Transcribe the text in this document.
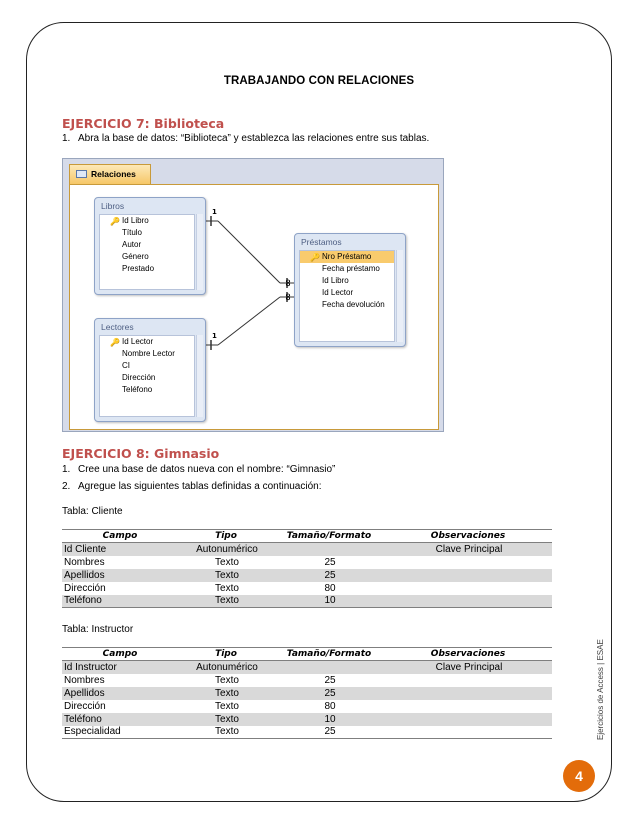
TRABAJANDO CON RELACIONES
EJERCICIO 7: Biblioteca
1. Abra la base de datos: “Biblioteca” y establezca las relaciones entre sus tablas.
Relaciones
1
∞
1
∞
Libros
🔑 Id Libro
Título
Autor
Género
Prestado
Lectores
🔑 Id Lector
Nombre Lector
CI
Dirección
Teléfono
Préstamos
🔑 Nro Préstamo
Fecha préstamo
Id Libro
Id Lector
Fecha devolución
EJERCICIO 8: Gimnasio
1. Cree una base de datos nueva con el nombre: “Gimnasio”
2. Agregue las siguientes tablas definidas a continuación:
Tabla: Cliente
Campo	Tipo	Tamaño/Formato	Observaciones
Id Cliente	Autonumérico		Clave Principal
Nombres	Texto	25	
Apellidos	Texto	25	
Dirección	Texto	80	
Teléfono	Texto	10	
Tabla: Instructor
Campo	Tipo	Tamaño/Formato	Observaciones
Id Instructor	Autonumérico		Clave Principal
Nombres	Texto	25	
Apellidos	Texto	25	
Dirección	Texto	80	
Teléfono	Texto	10	
Especialidad	Texto	25		Ejercicios de Access | ESAE
4
